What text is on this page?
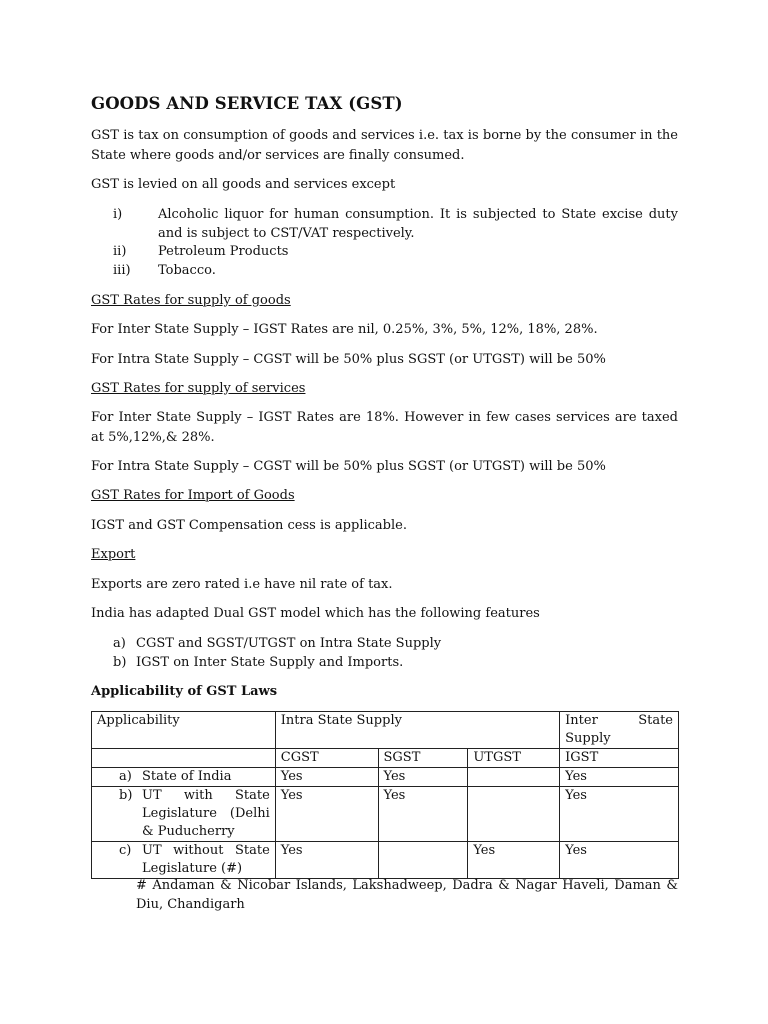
GOODS AND SERVICE TAX (GST)

GST is tax on consumption of goods and services i.e. tax is borne by the consumer in the State where goods and/or services are finally consumed.

GST is levied on all goods and services except

i)	Alcoholic liquor for human consumption. It is subjected to State excise duty and is subject to CST/VAT respectively.
ii) Petroleum Products
iii) Tobacco.

GST Rates for supply of goods

For Inter State Supply – IGST Rates are nil, 0.25%, 3%, 5%, 12%, 18%, 28%.

For Intra State Supply – CGST will be 50% plus SGST (or UTGST) will be 50%

GST Rates for supply of services

For Inter State Supply – IGST Rates are 18%. However in few cases services are taxed at 5%,12%,& 28%.

For Intra State Supply – CGST will be 50% plus SGST (or UTGST) will be 50%

GST Rates for Import of Goods

IGST and GST Compensation cess is applicable.

Export

Exports are zero rated i.e have nil rate of tax.

India has adapted Dual GST model which has the following features

a) CGST and SGST/UTGST on Intra State Supply
b) IGST on Inter State Supply and Imports.

Applicability of GST Laws

Applicability	Intra State Supply			Inter State
Supply

	CGST	SGST	UTGST	IGST

a) State of India	Yes	Yes		Yes

b) UT with State Legislature (Delhi & Puducherry	Yes	Yes		Yes

c) UT without State Legislature (#)	Yes		Yes	Yes

# Andaman & Nicobar Islands, Lakshadweep, Dadra & Nagar Haveli, Daman & Diu, Chandigarh
